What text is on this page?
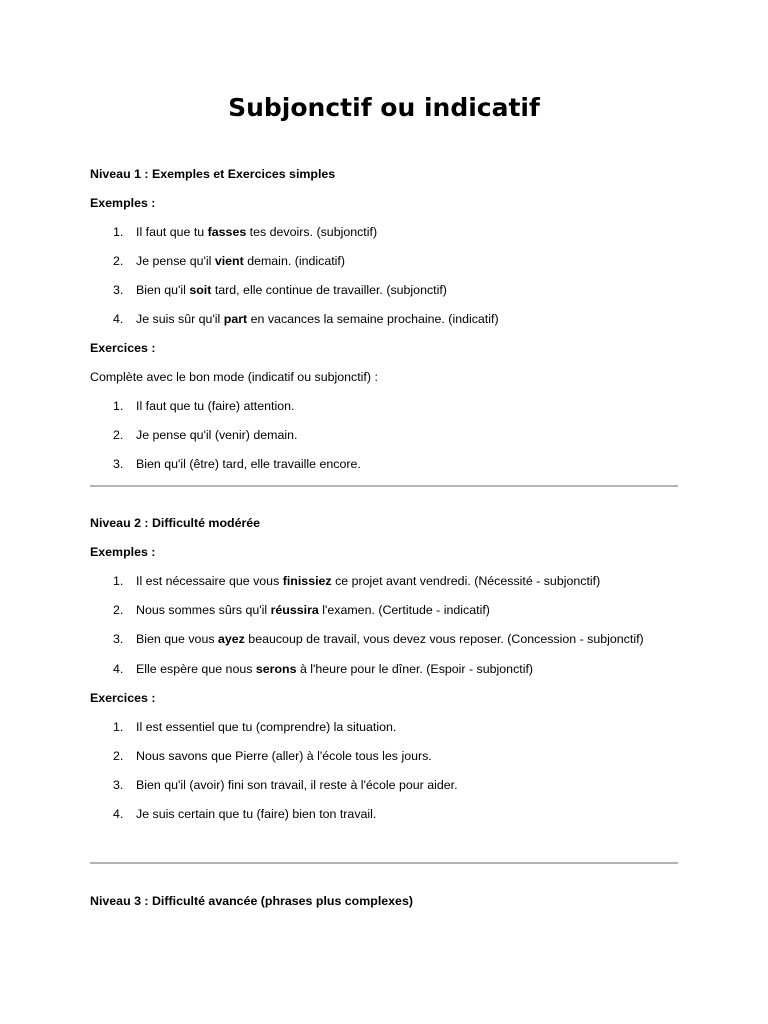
Subjonctif ou indicatif
Niveau 1 : Exemples et Exercices simples
Exemples :
1. Il faut que tu fasses tes devoirs. (subjonctif)
2. Je pense qu'il vient demain. (indicatif)
3. Bien qu'il soit tard, elle continue de travailler. (subjonctif)
4. Je suis sûr qu'il part en vacances la semaine prochaine. (indicatif)
Exercices :
Complète avec le bon mode (indicatif ou subjonctif) :
1. Il faut que tu (faire) attention.
2. Je pense qu'il (venir) demain.
3. Bien qu'il (être) tard, elle travaille encore.
Niveau 2 : Difficulté modérée
Exemples :
1. Il est nécessaire que vous finissiez ce projet avant vendredi. (Nécessité - subjonctif)
2. Nous sommes sûrs qu'il réussira l'examen. (Certitude - indicatif)
3. Bien que vous ayez beaucoup de travail, vous devez vous reposer. (Concession - subjonctif)
4. Elle espère que nous serons à l'heure pour le dîner. (Espoir - subjonctif)
Exercices :
1. Il est essentiel que tu (comprendre) la situation.
2. Nous savons que Pierre (aller) à l'école tous les jours.
3. Bien qu'il (avoir) fini son travail, il reste à l'école pour aider.
4. Je suis certain que tu (faire) bien ton travail.
Niveau 3 : Difficulté avancée (phrases plus complexes)
